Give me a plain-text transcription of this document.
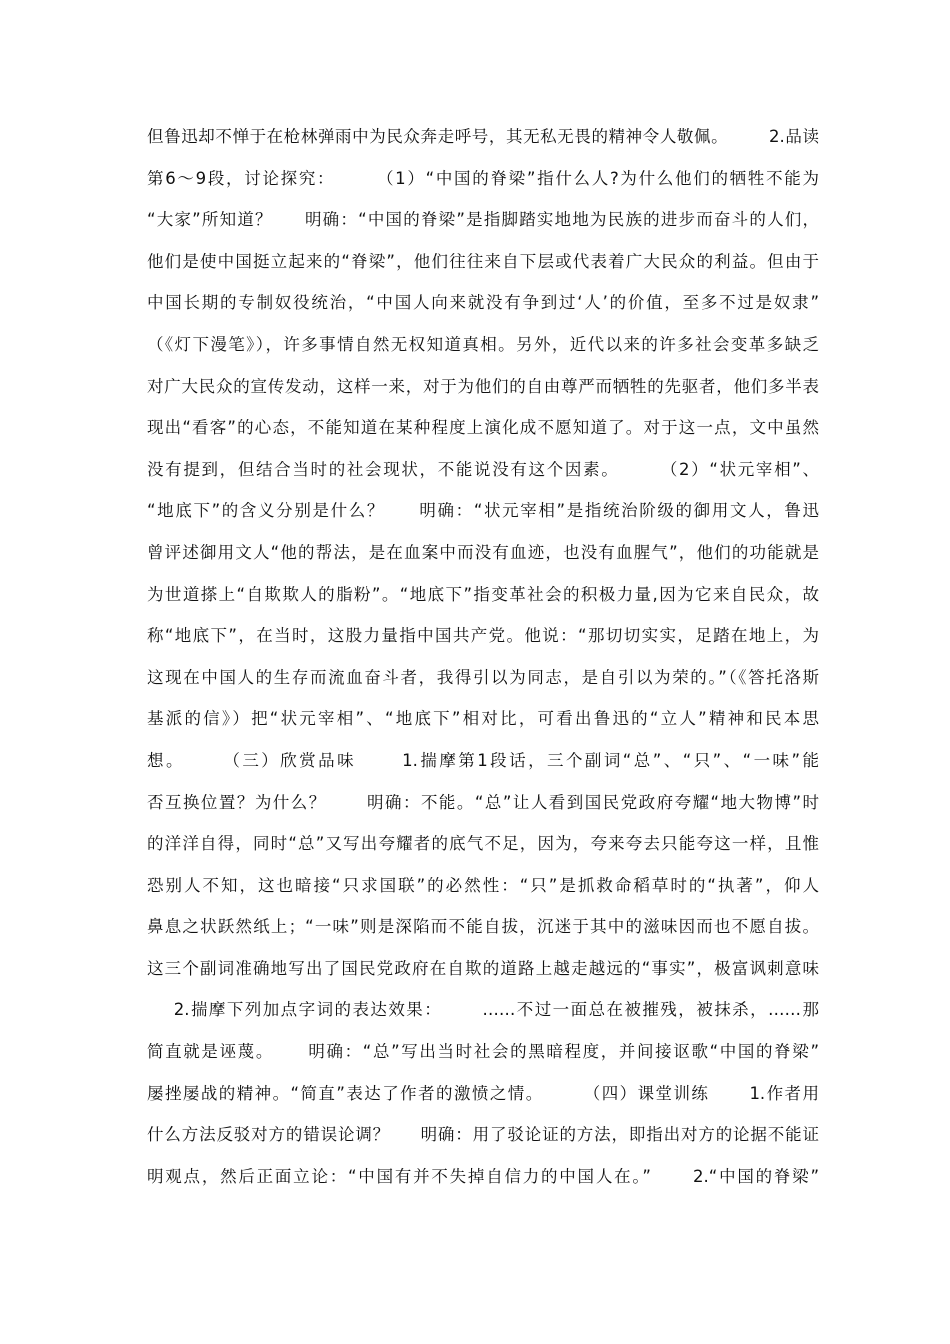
但鲁迅却不惮于在枪林弹雨中为民众奔走呼号，其无私无畏的精神令人敬佩。       2.品读
第6～9段，讨论探究：      （1）“中国的脊梁”指什么人?为什么他们的牺牲不能为
“大家”所知道？     明确：“中国的脊梁”是指脚踏实地地为民族的进步而奋斗的人们，
他们是使中国挺立起来的“脊梁”，他们往往来自下层或代表着广大民众的利益。但由于
中国长期的专制奴役统治，“中国人向来就没有争到过‘人’的价值，至多不过是奴隶”
（《灯下漫笔》），许多事情自然无权知道真相。另外，近代以来的许多社会变革多缺乏
对广大民众的宣传发动，这样一来，对于为他们的自由尊严而牺牲的先驱者，他们多半表
现出“看客”的心态，不能知道在某种程度上演化成不愿知道了。对于这一点，文中虽然
没有提到，但结合当时的社会现状，不能说没有这个因素。      （2）“状元宰相”、
“地底下”的含义分别是什么？     明确：“状元宰相”是指统治阶级的御用文人，鲁迅
曾评述御用文人“他的帮法，是在血案中而没有血迹，也没有血腥气”，他们的功能就是
为世道搽上“自欺欺人的脂粉”。“地底下”指变革社会的积极力量,因为它来自民众，故
称“地底下”，在当时，这股力量指中国共产党。他说：“那切切实实，足踏在地上，为
这现在中国人的生存而流血奋斗者，我得引以为同志，是自引以为荣的。”（《答托洛斯
基派的信》）把“状元宰相”、“地底下”相对比，可看出鲁迅的“立人”精神和民本思
想。     （三）欣赏品味      1.揣摩第1段话，三个副词“总”、“只”、“一味”能
否互换位置？为什么？      明确：不能。“总”让人看到国民党政府夸耀“地大物博”时
的洋洋自得，同时“总”又写出夸耀者的底气不足，因为，夸来夸去只能夸这一样，且惟
恐别人不知，这也暗接“只求国联”的必然性：“只”是抓救命稻草时的“执著”，仰人
鼻息之状跃然纸上；“一味”则是深陷而不能自拔，沉迷于其中的滋味因而也不愿自拔。
这三个副词准确地写出了国民党政府在自欺的道路上越走越远的“事实”，极富讽刺意味
2.揣摩下列加点字词的表达效果：      ……不过一面总在被摧残，被抹杀，……那
简直就是诬蔑。     明确：“总”写出当时社会的黑暗程度，并间接讴歌“中国的脊梁”
屡挫屡战的精神。“简直”表达了作者的激愤之情。      （四）课堂训练      1.作者用
什么方法反驳对方的错误论调？     明确：用了驳论证的方法，即指出对方的论据不能证
明观点，然后正面立论：“中国有并不失掉自信力的中国人在。”      2.“中国的脊梁”
